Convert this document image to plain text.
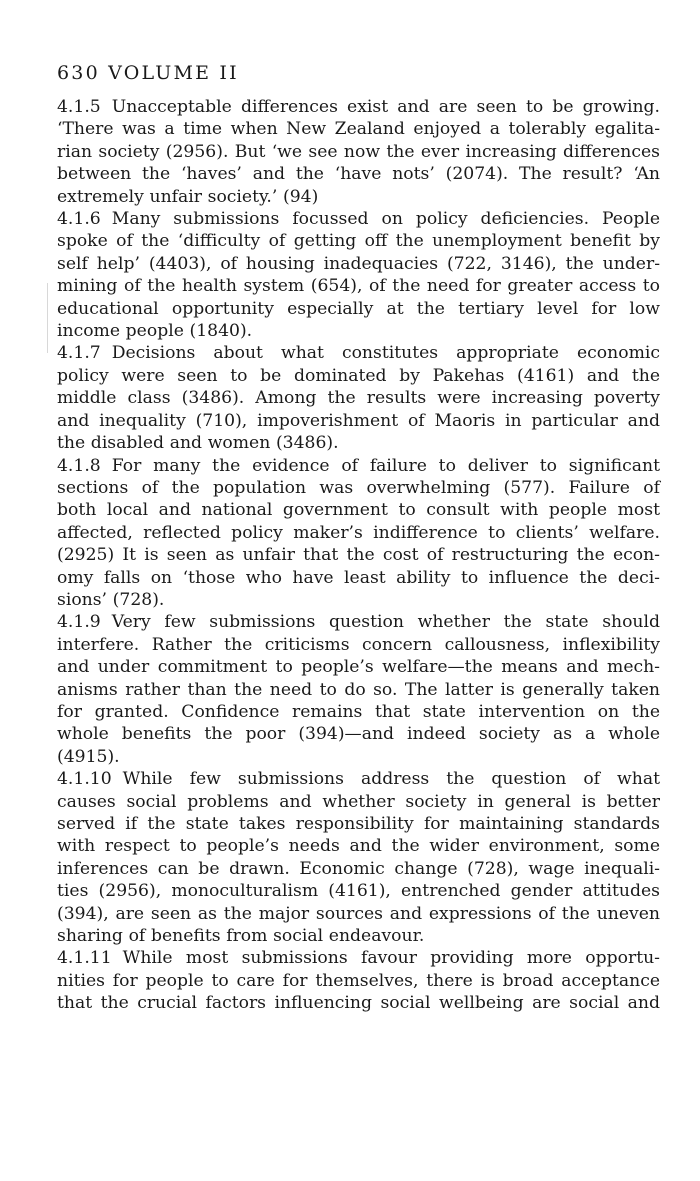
630 VOLUME II
4.1.5 Unacceptable differences exist and are seen to be growing.
‘There was a time when New Zealand enjoyed a tolerably egalita-
rian society (2956). But ‘we see now the ever increasing differences
between the ‘haves’ and the ‘have nots’ (2074). The result? ‘An
extremely unfair society.’ (94)
4.1.6 Many submissions focussed on policy deficiencies. People
spoke of the ‘difficulty of getting off the unemployment benefit by
self help’ (4403), of housing inadequacies (722, 3146), the under-
mining of the health system (654), of the need for greater access to
educational opportunity especially at the tertiary level for low
income people (1840).
4.1.7 Decisions about what constitutes appropriate economic
policy were seen to be dominated by Pakehas (4161) and the
middle class (3486). Among the results were increasing poverty
and inequality (710), impoverishment of Maoris in particular and
the disabled and women (3486).
4.1.8 For many the evidence of failure to deliver to significant
sections of the population was overwhelming (577). Failure of
both local and national government to consult with people most
affected, reflected policy maker’s indifference to clients’ welfare.
(2925) It is seen as unfair that the cost of restructuring the econ-
omy falls on ‘those who have least ability to influence the deci-
sions’ (728).
4.1.9 Very few submissions question whether the state should
interfere. Rather the criticisms concern callousness, inflexibility
and under commitment to people’s welfare—the means and mech-
anisms rather than the need to do so. The latter is generally taken
for granted. Confidence remains that state intervention on the
whole benefits the poor (394)—and indeed society as a whole
(4915).
4.1.10 While few submissions address the question of what
causes social problems and whether society in general is better
served if the state takes responsibility for maintaining standards
with respect to people’s needs and the wider environment, some
inferences can be drawn. Economic change (728), wage inequali-
ties (2956), monoculturalism (4161), entrenched gender attitudes
(394), are seen as the major sources and expressions of the uneven
sharing of benefits from social endeavour.
4.1.11 While most submissions favour providing more opportu-
nities for people to care for themselves, there is broad acceptance
that the crucial factors influencing social wellbeing are social and
